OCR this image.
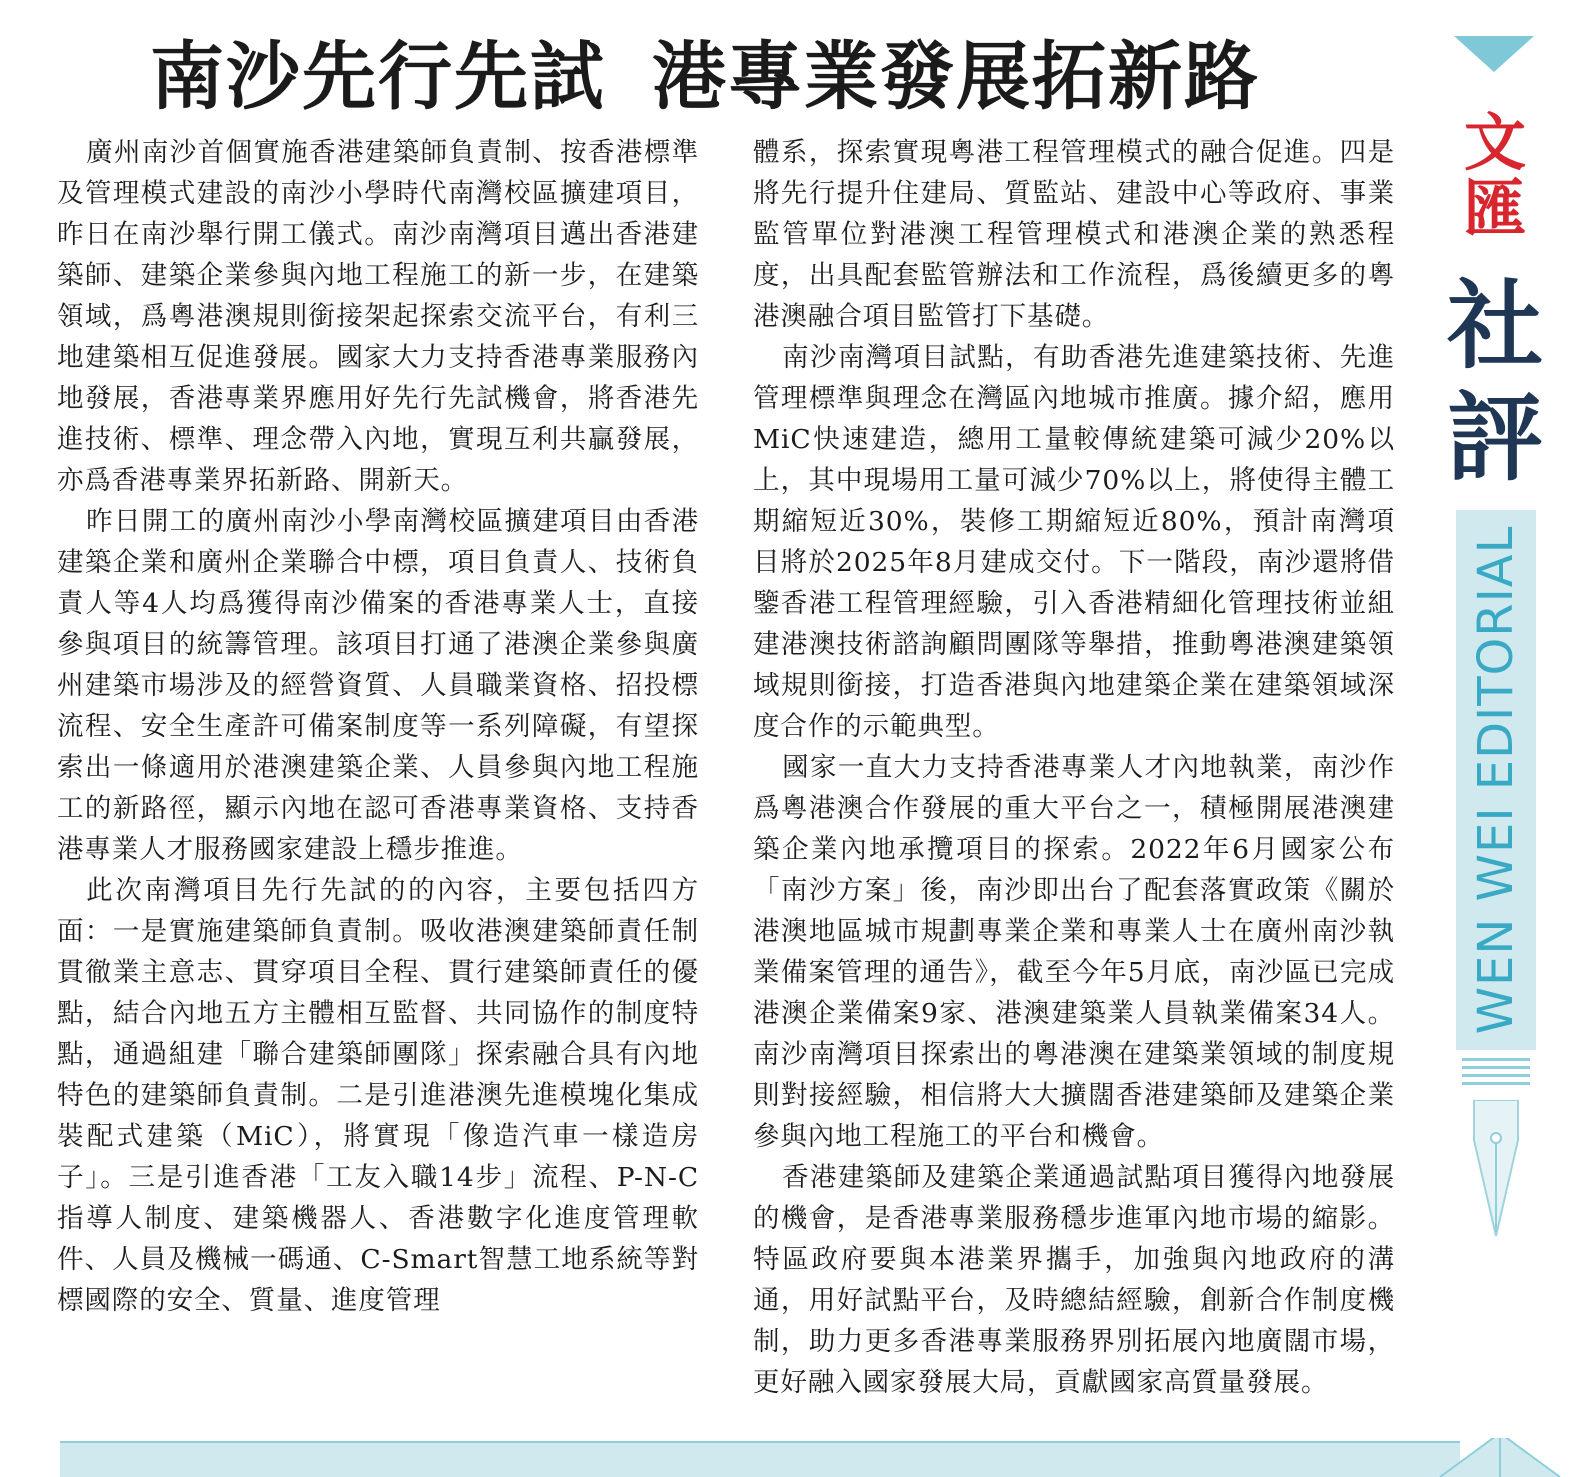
南沙先行先試 港專業發展拓新路

廣州南沙首個實施香港建築師負責制、按香港標準及管理模式建設的南沙小學時代南灣校區擴建項目，昨日在南沙舉行開工儀式。南沙南灣項目邁出香港建築師、建築企業參與內地工程施工的新一步，在建築領域，爲粵港澳規則銜接架起探索交流平台，有利三地建築相互促進發展。國家大力支持香港專業服務內地發展，香港專業界應用好先行先試機會，將香港先進技術、標準、理念帶入內地，實現互利共贏發展，亦爲香港專業界拓新路、開新天。

昨日開工的廣州南沙小學南灣校區擴建項目由香港建築企業和廣州企業聯合中標，項目負責人、技術負責人等4人均爲獲得南沙備案的香港專業人士，直接參與項目的統籌管理。該項目打通了港澳企業參與廣州建築市場涉及的經營資質、人員職業資格、招投標流程、安全生產許可備案制度等一系列障礙，有望探索出一條適用於港澳建築企業、人員參與內地工程施工的新路徑，顯示內地在認可香港專業資格、支持香港專業人才服務國家建設上穩步推進。

此次南灣項目先行先試的的內容，主要包括四方面：一是實施建築師負責制。吸收港澳建築師責任制貫徹業主意志、貫穿項目全程、貫行建築師責任的優點，結合內地五方主體相互監督、共同協作的制度特點，通過組建「聯合建築師團隊」探索融合具有內地特色的建築師負責制。二是引進港澳先進模塊化集成裝配式建築（MiC），將實現「像造汽車一樣造房子」。三是引進香港「工友入職14步」流程、P-N-C指導人制度、建築機器人、香港數字化進度管理軟件、人員及機械一碼通、C-Smart智慧工地系統等對標國際的安全、質量、進度管理

體系，探索實現粵港工程管理模式的融合促進。四是將先行提升住建局、質監站、建設中心等政府、事業監管單位對港澳工程管理模式和港澳企業的熟悉程度，出具配套監管辦法和工作流程，爲後續更多的粵港澳融合項目監管打下基礎。

南沙南灣項目試點，有助香港先進建築技術、先進管理標準與理念在灣區內地城市推廣。據介紹，應用MiC快速建造，總用工量較傳統建築可減少20%以上，其中現場用工量可減少70%以上，將使得主體工期縮短近30%，裝修工期縮短近80%，預計南灣項目將於2025年8月建成交付。下一階段，南沙還將借鑒香港工程管理經驗，引入香港精細化管理技術並組建港澳技術諮詢顧問團隊等舉措，推動粵港澳建築領域規則銜接，打造香港與內地建築企業在建築領域深度合作的示範典型。

國家一直大力支持香港專業人才內地執業，南沙作爲粵港澳合作發展的重大平台之一，積極開展港澳建築企業內地承攬項目的探索。2022年6月國家公布「南沙方案」後，南沙即出台了配套落實政策《關於港澳地區城市規劃專業企業和專業人士在廣州南沙執業備案管理的通告》，截至今年5月底，南沙區已完成港澳企業備案9家、港澳建築業人員執業備案34人。南沙南灣項目探索出的粵港澳在建築業領域的制度規則對接經驗，相信將大大擴闊香港建築師及建築企業參與內地工程施工的平台和機會。

香港建築師及建築企業通過試點項目獲得內地發展的機會，是香港專業服務穩步進軍內地市場的縮影。特區政府要與本港業界攜手，加強與內地政府的溝通，用好試點平台，及時總結經驗，創新合作制度機制，助力更多香港專業服務界別拓展內地廣闊市場，更好融入國家發展大局，貢獻國家高質量發展。

文
匯
社
評
WEN WEI EDITORIAL
